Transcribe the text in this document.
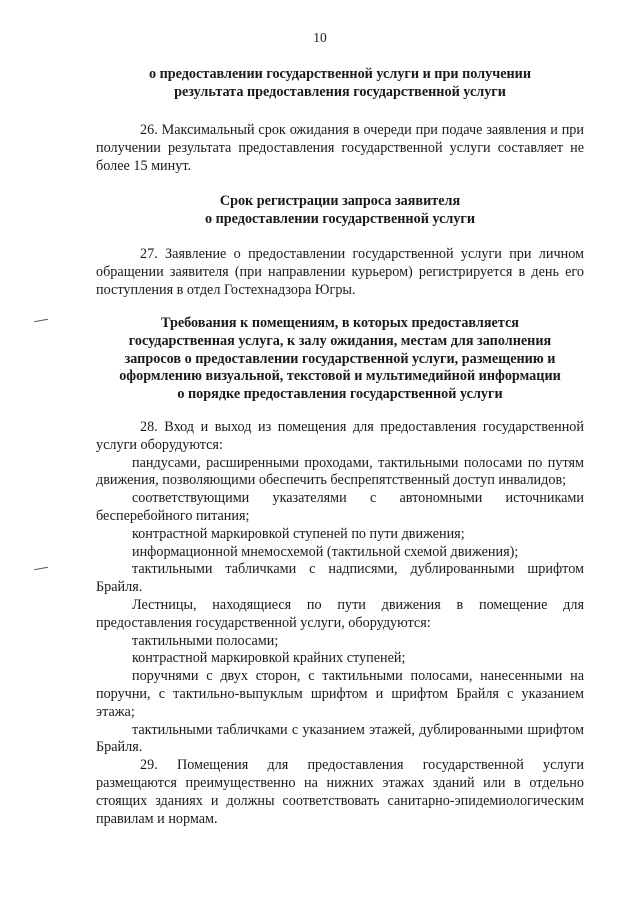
10
о предоставлении государственной услуги и при получении
результата предоставления государственной услуги

26. Максимальный срок ожидания в очереди при подаче заявления и при получении результата предоставления государственной услуги составляет не более 15 минут.

Срок регистрации запроса заявителя
о предоставлении государственной услуги

27. Заявление о предоставлении государственной услуги при личном обращении заявителя (при направлении курьером) регистрируется в день его поступления в отдел Гостехнадзора Югры.

Требования к помещениям, в которых предоставляется
государственная услуга, к залу ожидания, местам для заполнения
запросов о предоставлении государственной услуги, размещению и
оформлению визуальной, текстовой и мультимедийной информации
о порядке предоставления государственной услуги

28. Вход и выход из помещения для предоставления государственной услуги оборудуются:

пандусами, расширенными проходами, тактильными полосами по путям движения, позволяющими обеспечить беспрепятственный доступ инвалидов;

соответствующими указателями с автономными источниками бесперебойного питания;

контрастной маркировкой ступеней по пути движения;

информационной мнемосхемой (тактильной схемой движения);

тактильными табличками с надписями, дублированными шрифтом Брайля.

Лестницы, находящиеся по пути движения в помещение для предоставления государственной услуги, оборудуются:

тактильными полосами;

контрастной маркировкой крайних ступеней;

поручнями с двух сторон, с тактильными полосами, нанесенными на поручни, с тактильно-выпуклым шрифтом и шрифтом Брайля с указанием этажа;

тактильными табличками с указанием этажей, дублированными шрифтом Брайля.

29. Помещения для предоставления государственной услуги размещаются преимущественно на нижних этажах зданий или в отдельно стоящих зданиях и должны соответствовать санитарно-эпидемиологическим правилам и нормам.
